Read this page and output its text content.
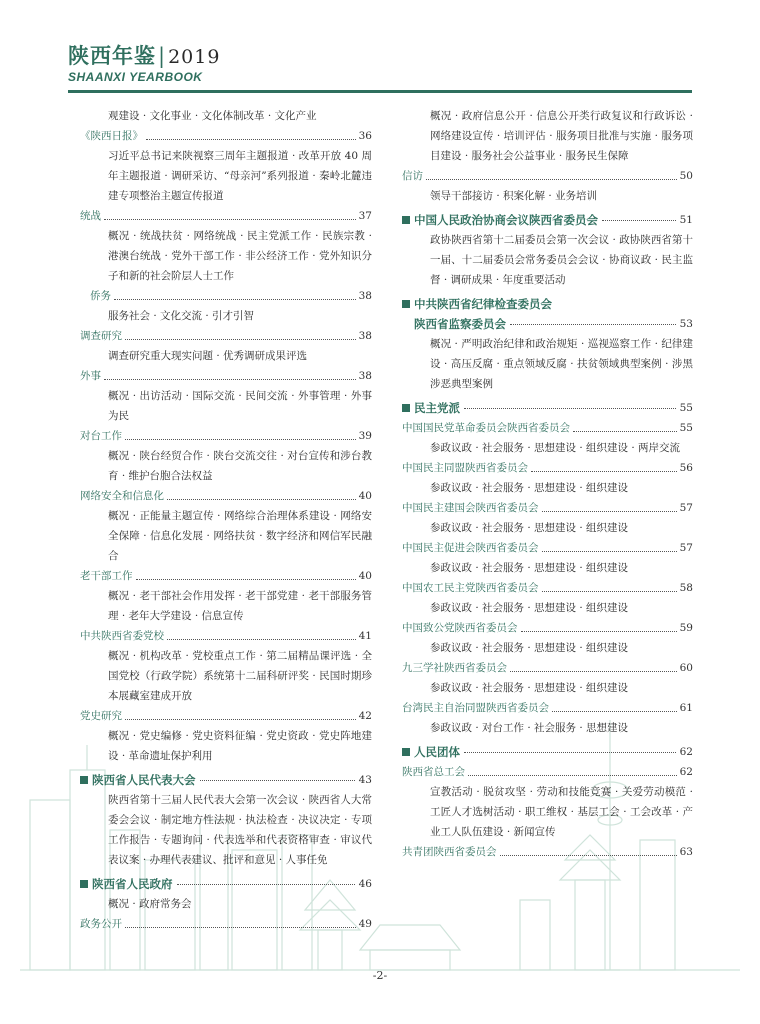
陕西年鉴| 2019
SHAANXI YEARBOOK
观建设 · 文化事业 · 文化体制改革 · 文化产业
《陕西日报》	36
习近平总书记来陕视察三周年主题报道 · 改革开放 40 周年主题报道 · 调研采访、“母亲河”系列报道 · 秦岭北麓违建专项整治主题宣传报道
统战	37
概况 · 统战扶贫 · 网络统战 · 民主党派工作 · 民族宗教 · 港澳台统战 · 党外干部工作 · 非公经济工作 · 党外知识分子和新的社会阶层人士工作
侨务	38
服务社会 · 文化交流 · 引才引智
调查研究	38
调查研究重大现实问题 · 优秀调研成果评选
外事	38
概况 · 出访活动 · 国际交流 · 民间交流 · 外事管理 · 外事为民
对台工作	39
概况 · 陕台经贸合作 · 陕台交流交往 · 对台宣传和涉台教育 · 维护台胞合法权益
网络安全和信息化	40
概况 · 正能量主题宣传 · 网络综合治理体系建设 · 网络安全保障 · 信息化发展 · 网络扶贫 · 数字经济和网信军民融合
老干部工作	40
概况 · 老干部社会作用发挥 · 老干部党建 · 老干部服务管理 · 老年大学建设 · 信息宣传
中共陕西省委党校	41
概况 · 机构改革 · 党校重点工作 · 第二届精品课评选 · 全国党校（行政学院）系统第十二届科研评奖 · 民国时期珍本展藏室建成开放
党史研究	42
概况 · 党史编修 · 党史资料征编 · 党史资政 · 党史阵地建设 · 革命遗址保护利用
陕西省人民代表大会	43
陕西省第十三届人民代表大会第一次会议 · 陕西省人大常委会会议 · 制定地方性法规 · 执法检查 · 决议决定 · 专项工作报告 · 专题询问 · 代表选举和代表资格审查 · 审议代表议案 · 办理代表建议、批评和意见 · 人事任免
陕西省人民政府	46
概况 · 政府常务会
政务公开	49
概况 · 政府信息公开 · 信息公开类行政复议和行政诉讼 · 网络建设宣传 · 培训评估 · 服务项目批准与实施 · 服务项目建设 · 服务社会公益事业 · 服务民生保障
信访	50
领导干部接访 · 积案化解 · 业务培训
中国人民政治协商会议陕西省委员会	51
政协陕西省第十二届委员会第一次会议 · 政协陕西省第十一届、十二届委员会常务委员会会议 · 协商议政 · 民主监督 · 调研成果 · 年度重要活动
中共陕西省纪律检查委员会
陕西省监察委员会	53
概况 · 严明政治纪律和政治规矩 · 巡视巡察工作 · 纪律建设 · 高压反腐 · 重点领域反腐 · 扶贫领域典型案例 · 涉黑涉恶典型案例
民主党派	55
中国国民党革命委员会陕西省委员会	55
参政议政 · 社会服务 · 思想建设 · 组织建设 · 两岸交流
中国民主同盟陕西省委员会	56
参政议政 · 社会服务 · 思想建设 · 组织建设
中国民主建国会陕西省委员会	57
参政议政 · 社会服务 · 思想建设 · 组织建设
中国民主促进会陕西省委员会	57
参政议政 · 社会服务 · 思想建设 · 组织建设
中国农工民主党陕西省委员会	58
参政议政 · 社会服务 · 思想建设 · 组织建设
中国致公党陕西省委员会	59
参政议政 · 社会服务 · 思想建设 · 组织建设
九三学社陕西省委员会	60
参政议政 · 社会服务 · 思想建设 · 组织建设
台湾民主自治同盟陕西省委员会	61
参政议政 · 对台工作 · 社会服务 · 思想建设
人民团体	62
陕西省总工会	62
宣教活动 · 脱贫攻坚 · 劳动和技能竞赛 · 关爱劳动模范 · 工匠人才选树活动 · 职工维权 · 基层工会 · 工会改革 · 产业工人队伍建设 · 新闻宣传
共青团陕西省委员会	63
-2-
